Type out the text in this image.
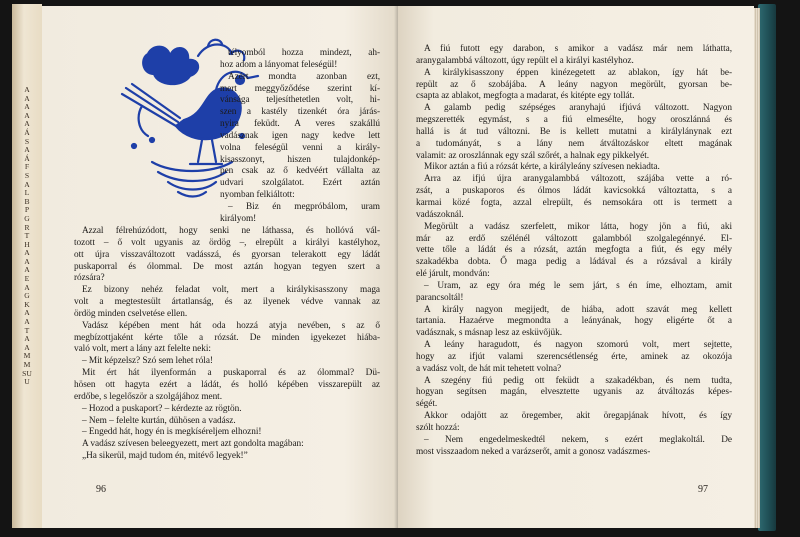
A
A
A
A
A
Á
S
A
Á
F
S
A
L
B
P
G
R
T
H
A
A
A
E
A
G
K
A
A
T
A
A
M
M
SU
U
télyomból hozza mindezt, ah-
hoz adom a lányomat feleségül!
Azért mondta azonban ezt,
mert meggyőződése szerint kí-
vánsága teljesíthetetlen volt, hi-
szen a kastély tizenkét óra járás-
nyira feküdt. A veres szakállú
vadásznak igen nagy kedve lett
volna feleségül venni a király-
kisasszonyt, hiszen tulajdonkép-
pen csak az ő kedvéért vállalta az
udvari szolgálatot. Ezért aztán
nyomban felkiáltott:
– Biz én megpróbálom, uram
királyom!
Azzal félrehúzódott, hogy senki ne láthassa, és hollóvá vál-
tozott – ő volt ugyanis az ördög –, elrepült a királyi kastélyhoz,
ott újra visszaváltozott vadásszá, és gyorsan telerakott egy ládát
puskaporral és ólommal. De most aztán hogyan tegyen szert a
rózsára?
Ez bizony nehéz feladat volt, mert a királykisasszony maga
volt a megtestesült ártatlanság, és az ilyenek védve vannak az
ördög minden cselvetése ellen.
Vadász képében ment hát oda hozzá atyja nevében, s az ő
megbízottjaként kérte tőle a rózsát. De minden igyekezet hiába-
való volt, mert a lány azt felelte neki:
– Mit képzelsz? Szó sem lehet róla!
Mit ért hát ilyenformán a puskaporral és az ólommal? Dü-
hösen ott hagyta ezért a ládát, és holló képében visszarepült az
erdőbe, s legelőször a szolgájához ment.
– Hozod a puskaport? – kérdezte az rögtön.
– Nem – felelte kurtán, dühösen a vadász.
– Engedd hát, hogy én is megkíséreljem elhozni!
A vadász szívesen beleegyezett, mert azt gondolta magában:
„Ha sikerül, majd tudom én, mitévő legyek!”
96
A fiú futott egy darabon, s amikor a vadász már nem láthatta,
aranygalambbá változott, úgy repült el a királyi kastélyhoz.
A királykisasszony éppen kinézegetett az ablakon, így hát be-
repült az ő szobájába. A leány nagyon megörült, gyorsan be-
csapta az ablakot, megfogta a madarat, és kitépte egy tollát.
A galamb pedig szépséges aranyhajú ifjúvá változott. Nagyon
megszerették egymást, s a fiú elmesélte, hogy oroszlánná és
hallá is át tud változni. Be is kellett mutatni a királylánynak ezt
a tudományát, s a lány nem átváltozáskor eltett magának
valamit: az oroszlánnak egy szál szőrét, a halnak egy pikkelyét.
Mikor aztán a fiú a rózsát kérte, a királyleány szívesen nekiadta.
Arra az ifjú újra aranygalambbá változott, szájába vette a ró-
zsát, a puskaporos és ólmos ládát kavicsokká változtatta, s a
karmai közé fogta, azzal elrepült, és nemsokára ott is termett a
vadászoknál.
Megörült a vadász szerfelett, mikor látta, hogy jön a fiú, aki
már az erdő szélénél változott galambból szolgalegénnyé. El-
vette tőle a ládát és a rózsát, aztán megfogta a fiút, és egy mély
szakadékba dobta. Ő maga pedig a ládával és a rózsával a király
elé járult, mondván:
– Uram, az egy óra még le sem járt, s én íme, elhoztam, amit
parancsoltál!
A király nagyon megijedt, de hiába, adott szavát meg kellett
tartania. Hazaérve megmondta a leányának, hogy eligérte őt a
vadásznak, s másnap lesz az esküvőjük.
A leány haragudott, és nagyon szomorú volt, mert sejtette,
hogy az ifjút valami szerencsétlenség érte, aminek az okozója
a vadász volt, de hát mit tehetett volna?
A szegény fiú pedig ott feküdt a szakadékban, és nem tudta,
hogyan segítsen magán, elvesztette ugyanis az átváltozás képes-
ségét.
Akkor odajött az öregember, akit öregapjának hívott, és így
szólt hozzá:
– Nem engedelmeskedtél nekem, s ezért meglakoltál. De
most visszaadom neked a varázserőt, amit a gonosz vadászmes-
97
